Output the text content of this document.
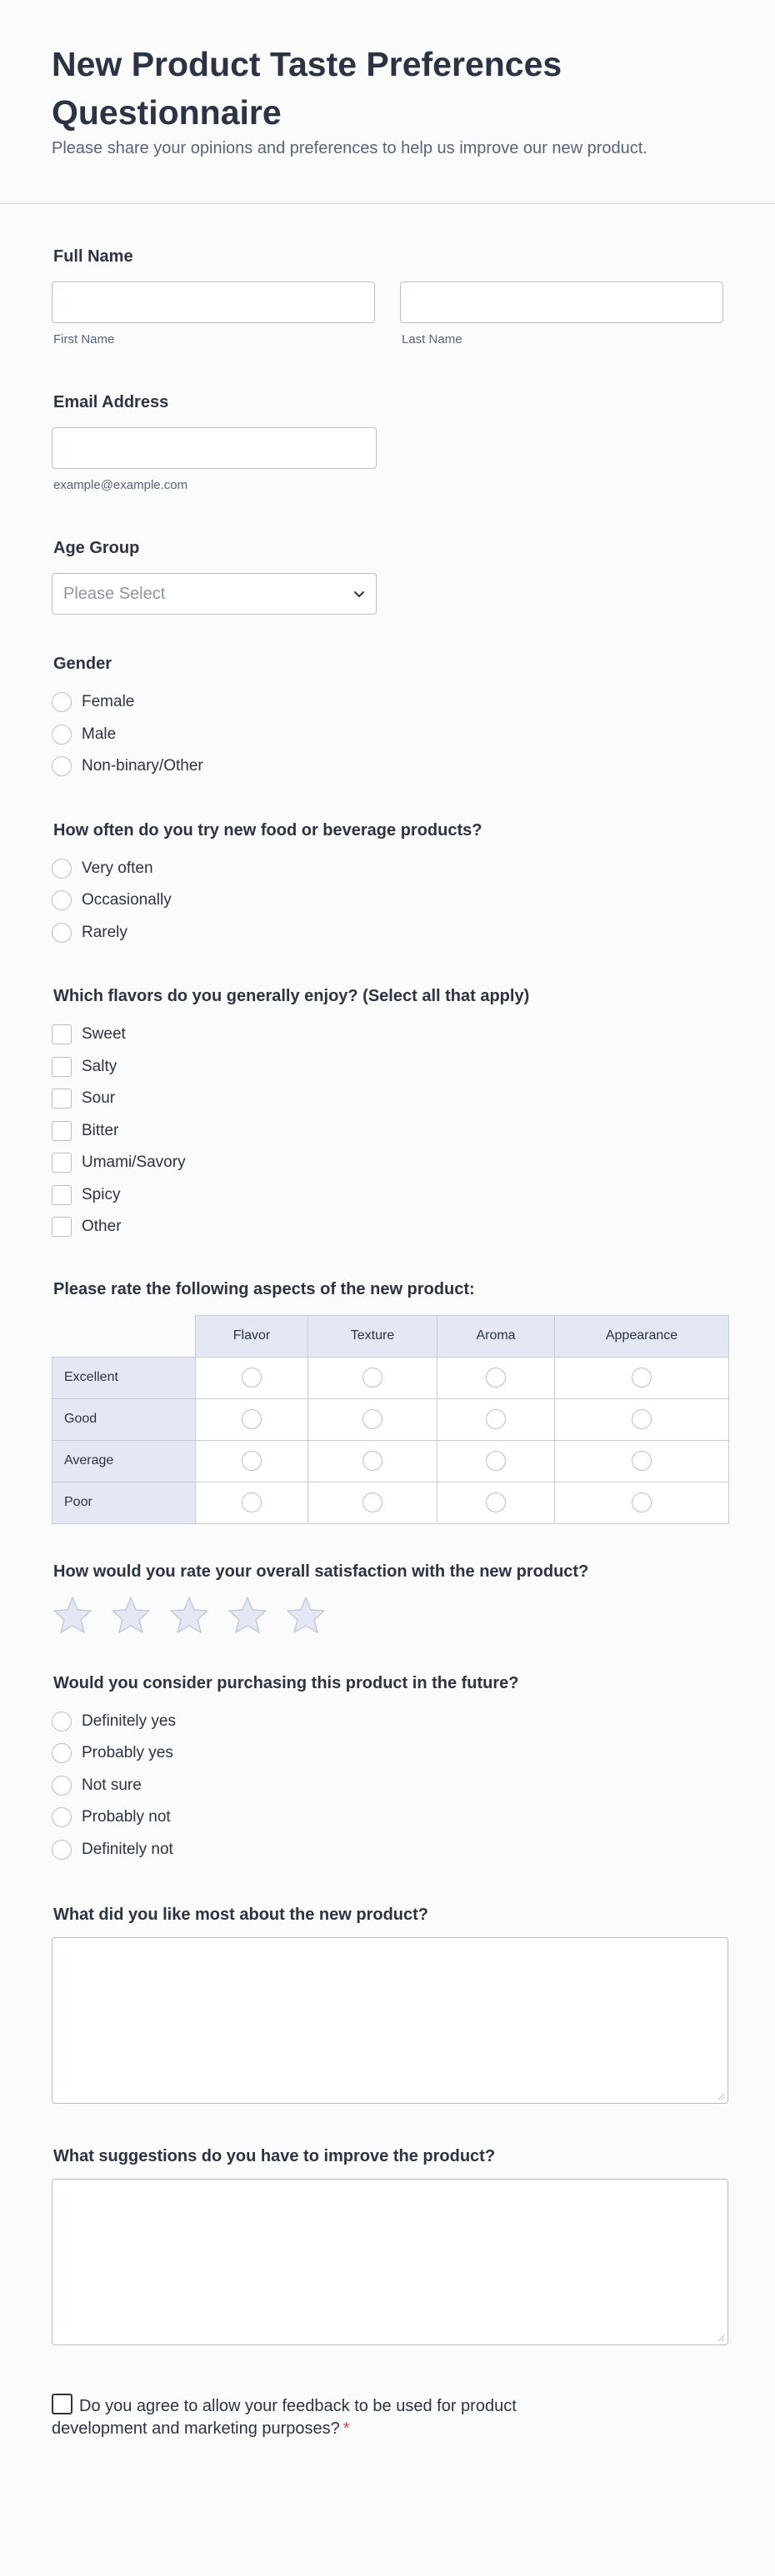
New Product Taste Preferences Questionnaire

Please share your opinions and preferences to help us improve our new product.

Full Name
First Name	Last Name
Email Address
example@example.com
Age Group
Please Select
Gender
Female
Male
Non-binary/Other
How often do you try new food or beverage products?
Very often
Occasionally
Rarely
Which flavors do you generally enjoy? (Select all that apply)
Sweet
Salty
Sour
Bitter
Umami/Savory
Spicy
Other
Please rate the following aspects of the new product:
	Flavor	Texture	Aroma	Appearance
Excellent	

Good	

Average	

Poor	

How would you rate your overall satisfaction with the new product?
Would you consider purchasing this product in the future?
Definitely yes
Probably yes
Not sure
Probably not
Definitely not
What did you like most about the new product?
What suggestions do you have to improve the product?
Do you agree to allow your feedback to be used for product development and marketing purposes? *
